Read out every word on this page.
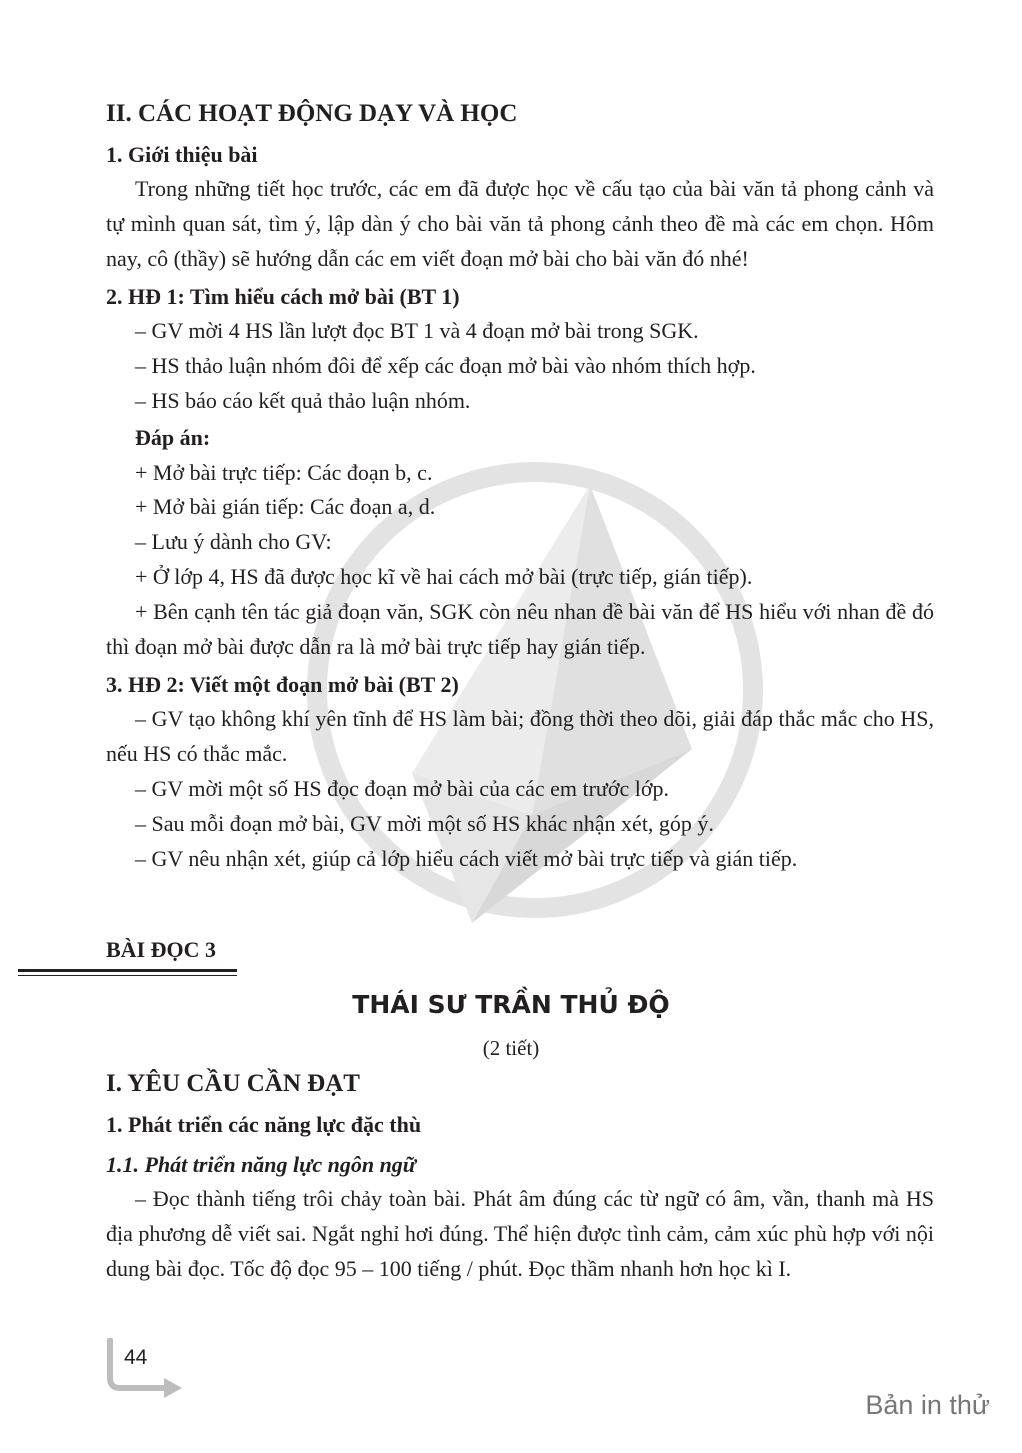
II. CÁC HOẠT ĐỘNG DẠY VÀ HỌC
1. Giới thiệu bài

Trong những tiết học trước, các em đã được học về cấu tạo của bài văn tả phong cảnh và tự mình quan sát, tìm ý, lập dàn ý cho bài văn tả phong cảnh theo đề mà các em chọn. Hôm nay, cô (thầy) sẽ hướng dẫn các em viết đoạn mở bài cho bài văn đó nhé!

2. HĐ 1: Tìm hiểu cách mở bài (BT 1)

– GV mời 4 HS lần lượt đọc BT 1 và 4 đoạn mở bài trong SGK.

– HS thảo luận nhóm đôi để xếp các đoạn mở bài vào nhóm thích hợp.

– HS báo cáo kết quả thảo luận nhóm.

Đáp án:

+ Mở bài trực tiếp: Các đoạn b, c.

+ Mở bài gián tiếp: Các đoạn a, d.

– Lưu ý dành cho GV:

+ Ở lớp 4, HS đã được học kĩ về hai cách mở bài (trực tiếp, gián tiếp).

+ Bên cạnh tên tác giả đoạn văn, SGK còn nêu nhan đề bài văn để HS hiểu với nhan đề đó thì đoạn mở bài được dẫn ra là mở bài trực tiếp hay gián tiếp.

3. HĐ 2: Viết một đoạn mở bài (BT 2)

– GV tạo không khí yên tĩnh để HS làm bài; đồng thời theo dõi, giải đáp thắc mắc cho HS, nếu HS có thắc mắc.

– GV mời một số HS đọc đoạn mở bài của các em trước lớp.

– Sau mỗi đoạn mở bài, GV mời một số HS khác nhận xét, góp ý.

– GV nêu nhận xét, giúp cả lớp hiểu cách viết mở bài trực tiếp và gián tiếp.

BÀI ĐỌC 3
THÁI SƯ TRẦN THỦ ĐỘ
(2 tiết)
I. YÊU CẦU CẦN ĐẠT
1. Phát triển các năng lực đặc thù
1.1. Phát triển năng lực ngôn ngữ

– Đọc thành tiếng trôi chảy toàn bài. Phát âm đúng các từ ngữ có âm, vần, thanh mà HS địa phương dễ viết sai. Ngắt nghỉ hơi đúng. Thể hiện được tình cảm, cảm xúc phù hợp với nội dung bài đọc. Tốc độ đọc 95 – 100 tiếng / phút. Đọc thầm nhanh hơn học kì I.

44
Bản in thử
